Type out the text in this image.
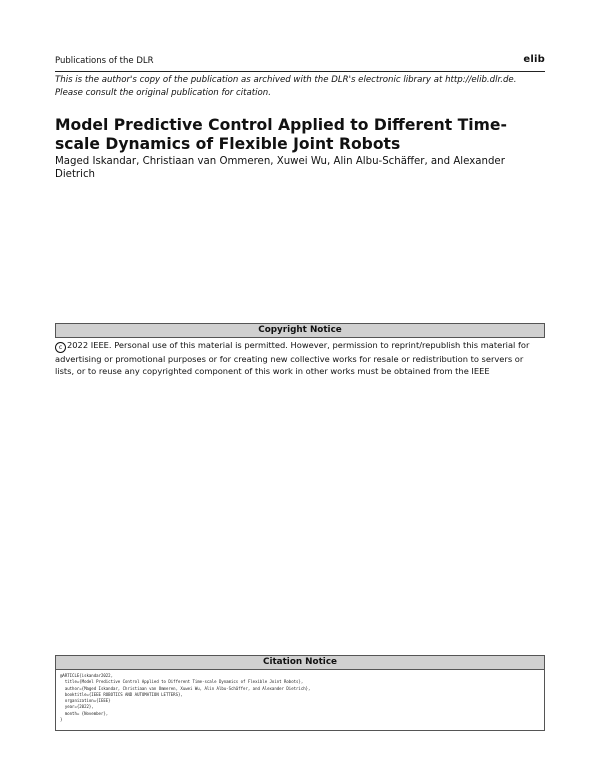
Publications of the DLR	elib
This is the author's copy of the publication as archived with the DLR's electronic library at http://elib.dlr.de. Please consult the original publication for citation.
Model Predictive Control Applied to Different Time-scale Dynamics of Flexible Joint Robots
Maged Iskandar, Christiaan van Ommeren, Xuwei Wu, Alin Albu-Schäffer, and Alexander Dietrich
Copyright Notice
c 2022 IEEE. Personal use of this material is permitted. However, permission to reprint/republish this material for advertising or promotional purposes or for creating new collective works for resale or redistribution to servers or lists, or to reuse any copyrighted component of this work in other works must be obtained from the IEEE
Citation Notice
@ARTICLE{iskandar2022,
title={Model Predictive Control Applied to Different Time-scale Dynamics of Flexible Joint Robots},
author={Maged Iskandar, Christiaan van Ommeren, Xuwei Wu, Alin Albu-Schäffer, and Alexander Dietrich},
booktitle={IEEE ROBOTICS AND AUTOMATION LETTERS},
organization={IEEE}
year={2022},
month= {November},
}
